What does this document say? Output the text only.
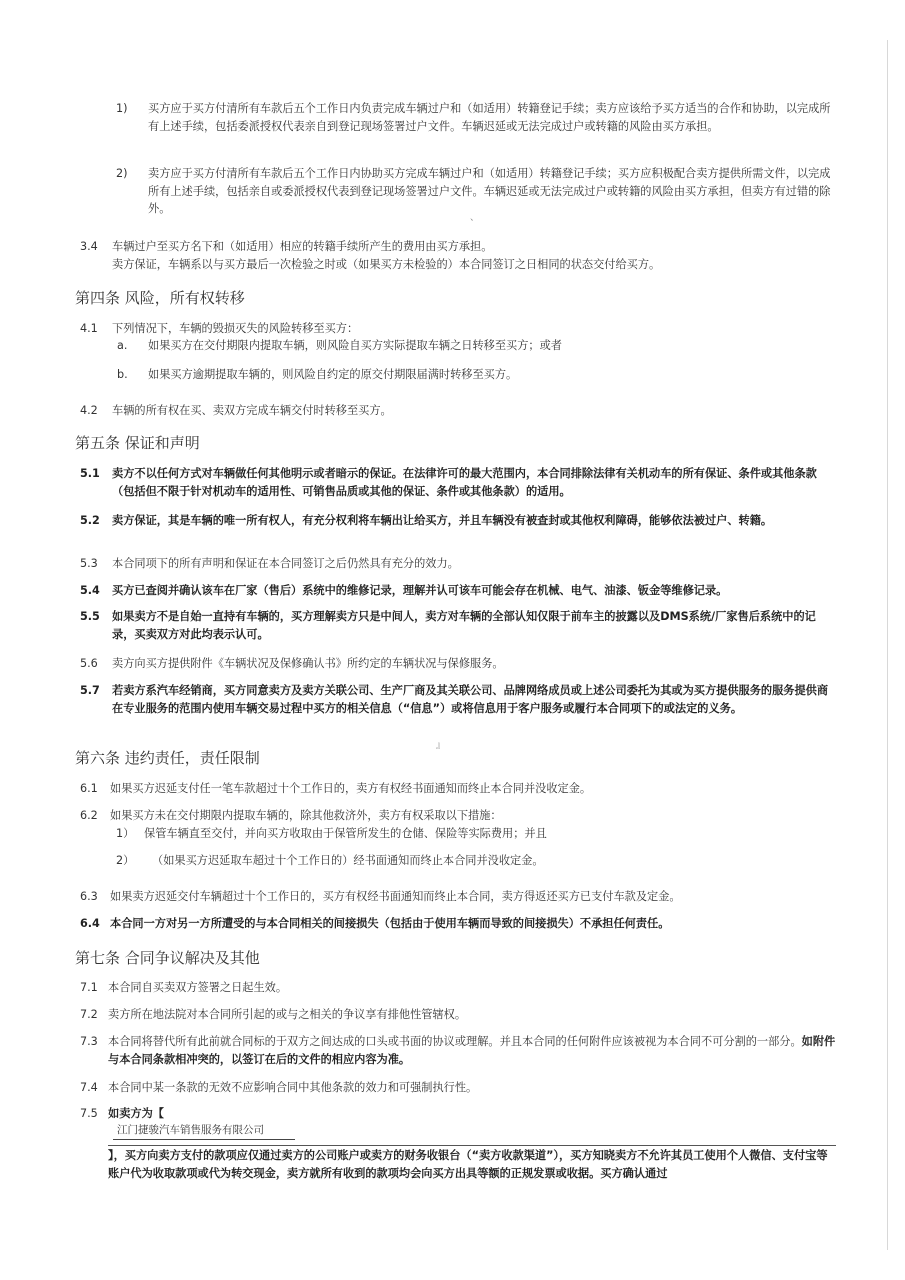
1) 买方应于买方付清所有车款后五个工作日内负责完成车辆过户和（如适用）转籍登记手续；卖方应该给予买方适当的合作和协助，以完成所有上述手续，包括委派授权代表亲自到登记现场签署过户文件。车辆迟延或无法完成过户或转籍的风险由买方承担。
2) 卖方应于买方付清所有车款后五个工作日内协助买方完成车辆过户和（如适用）转籍登记手续；买方应积极配合卖方提供所需文件，以完成所有上述手续，包括亲自或委派授权代表到登记现场签署过户文件。车辆迟延或无法完成过户或转籍的风险由买方承担，但卖方有过错的除外。
、
3.4 车辆过户至买方名下和（如适用）相应的转籍手续所产生的费用由买方承担。
卖方保证，车辆系以与买方最后一次检验之时或（如果买方未检验的）本合同签订之日相同的状态交付给买方。
第四条 风险，所有权转移
4.1 下列情况下，车辆的毁损灭失的风险转移至买方：
a. 如果买方在交付期限内提取车辆，则风险自买方实际提取车辆之日转移至买方；或者
b. 如果买方逾期提取车辆的，则风险自约定的原交付期限届满时转移至买方。
4.2 车辆的所有权在买、卖双方完成车辆交付时转移至买方。
第五条 保证和声明
5.1 卖方不以任何方式对车辆做任何其他明示或者暗示的保证。在法律许可的最大范围内，本合同排除法律有关机动车的所有保证、条件或其他条款（包括但不限于针对机动车的适用性、可销售品质或其他的保证、条件或其他条款）的适用。
5.2 卖方保证，其是车辆的唯一所有权人，有充分权利将车辆出让给买方，并且车辆没有被查封或其他权利障碍，能够依法被过户、转籍。
5.3 本合同项下的所有声明和保证在本合同签订之后仍然具有充分的效力。
5.4 买方已查阅并确认该车在厂家（售后）系统中的维修记录，理解并认可该车可能会存在机械、电气、油漆、钣金等维修记录。
5.5 如果卖方不是自始一直持有车辆的，买方理解卖方只是中间人，卖方对车辆的全部认知仅限于前车主的披露以及DMS系统/厂家售后系统中的记录，买卖双方对此均表示认可。
5.6 卖方向买方提供附件《车辆状况及保修确认书》所约定的车辆状况与保修服务。
5.7 若卖方系汽车经销商，买方同意卖方及卖方关联公司、生产厂商及其关联公司、品牌网络成员或上述公司委托为其或为买方提供服务的服务提供商在专业服务的范围内使用车辆交易过程中买方的相关信息（“信息”）或将信息用于客户服务或履行本合同项下的或法定的义务。
』
第六条 违约责任，责任限制
6.1 如果买方迟延支付任一笔车款超过十个工作日的，卖方有权经书面通知而终止本合同并没收定金。
6.2 如果买方未在交付期限内提取车辆的，除其他救济外，卖方有权采取以下措施：
1） 保管车辆直至交付，并向买方收取由于保管所发生的仓储、保险等实际费用；并且
2） （如果买方迟延取车超过十个工作日的）经书面通知而终止本合同并没收定金。
6.3 如果卖方迟延交付车辆超过十个工作日的，买方有权经书面通知而终止本合同，卖方得返还买方已支付车款及定金。
6.4 本合同一方对另一方所遭受的与本合同相关的间接损失（包括由于使用车辆而导致的间接损失）不承担任何责任。
第七条 合同争议解决及其他
7.1 本合同自买卖双方签署之日起生效。
7.2 卖方所在地法院对本合同所引起的或与之相关的争议享有排他性管辖权。
7.3 本合同将替代所有此前就合同标的于双方之间达成的口头或书面的协议或理解。并且本合同的任何附件应该被视为本合同不可分割的一部分。如附件与本合同条款相冲突的，以签订在后的文件的相应内容为准。
7.4 本合同中某一条款的无效不应影响合同中其他条款的效力和可强制执行性。
7.5 如卖方为【
江门捷骏汽车销售服务有限公司
】，买方向卖方支付的款项应仅通过卖方的公司账户或卖方的财务收银台（“卖方收款渠道”），买方知晓卖方不允许其员工使用个人微信、支付宝等账户代为收取款项或代为转交现金，卖方就所有收到的款项均会向买方出具等额的正规发票或收据。买方确认通过
